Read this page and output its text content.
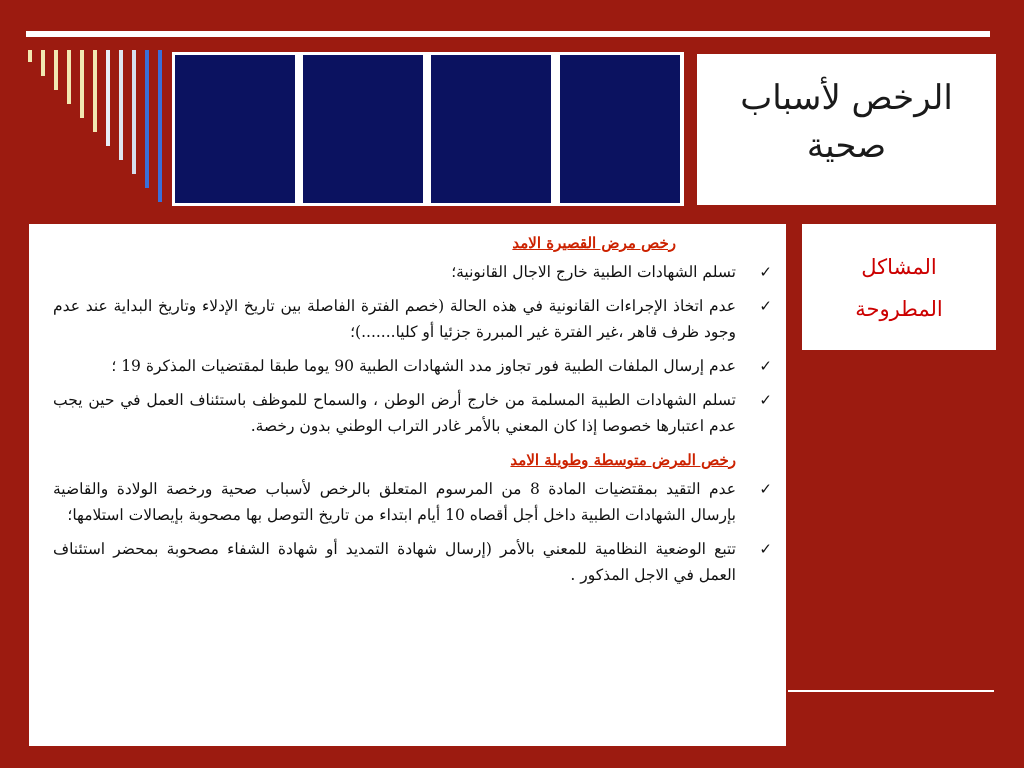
الرخص لأسباب
صحية
المشاكل
المطروحة
رخص مرض القصيرة الامد
✓
تسلم الشهادات الطبية خارج الاجال القانونية؛
✓
عدم اتخاذ الإجراءات القانونية في هذه الحالة (خصم الفترة الفاصلة بين تاريخ الإدلاء وتاريخ البداية عند عدم وجود ظرف قاهر ،غير الفترة غير المبررة جزئيا أو كليا.......)؛
✓
عدم إرسال الملفات الطبية فور تجاوز مدد الشهادات الطبية 90 يوما طبقا لمقتضيات المذكرة 19 ؛
✓
تسلم الشهادات الطبية المسلمة من خارج أرض الوطن ، والسماح للموظف باستئناف العمل في حين يجب عدم اعتبارها خصوصا إذا كان المعني بالأمر غادر التراب الوطني بدون رخصة.
رخص المرض متوسطة وطويلة الامد
✓
عدم التقيد بمقتضيات المادة 8 من المرسوم المتعلق بالرخص لأسباب صحية ورخصة الولادة والقاضية بإرسال الشهادات الطبية داخل أجل أقصاه 10 أيام ابتداء من تاريخ التوصل بها مصحوبة بإيصالات استلامها؛
✓
تتبع الوضعية النظامية للمعني بالأمر (إرسال شهادة التمديد أو شهادة الشفاء مصحوبة بمحضر استئناف العمل في الاجل المذكور .
